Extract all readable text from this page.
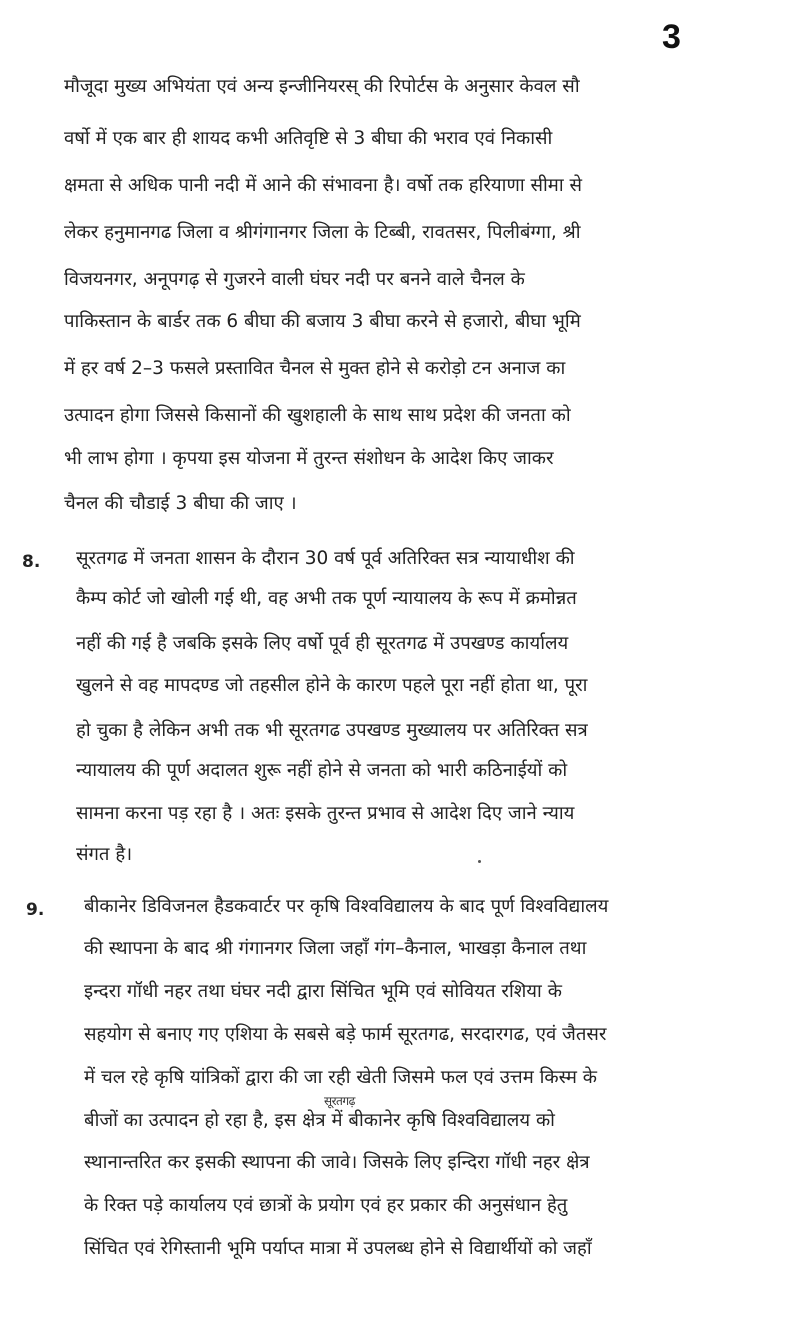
3
मौजूदा मुख्य अभियंता एवं अन्य इन्जीनियरस् की रिपोर्टस के अनुसार केवल सौ
वर्षो में एक बार ही शायद कभी अतिवृष्टि से 3 बीघा की भराव एवं निकासी
क्षमता से अधिक पानी नदी में आने की संभावना है। वर्षो तक हरियाणा सीमा से
लेकर हनुमानगढ जिला व श्रीगंगानगर जिला के टिब्बी, रावतसर, पिलीबंग्गा, श्री
विजयनगर, अनूपगढ़ से गुजरने वाली घंघर नदी पर बनने वाले चैनल के
पाकिस्तान के बार्डर तक 6 बीघा की बजाय 3 बीघा करने से हजारो, बीघा भूमि
में हर वर्ष 2–3 फसले प्रस्तावित चैनल से मुक्त होने से करोड़ो टन अनाज का
उत्पादन होगा जिससे किसानों की खुशहाली के साथ साथ प्रदेश की जनता को
भी लाभ होगा । कृपया इस योजना में तुरन्त संशोधन के आदेश किए जाकर
चैनल की चौडाई 3 बीघा की जाए ।
8. सूरतगढ में जनता शासन के दौरान 30 वर्ष पूर्व अतिरिक्त सत्र न्यायाधीश की
कैम्प कोर्ट जो खोली गई थी, वह अभी तक पूर्ण न्यायालय के रूप में क्रमोन्नत
नहीं की गई है जबकि इसके लिए वर्षो पूर्व ही सूरतगढ में उपखण्ड कार्यालय
खुलने से वह मापदण्ड जो तहसील होने के कारण पहले पूरा नहीं होता था, पूरा
हो चुका है लेकिन अभी तक भी सूरतगढ उपखण्ड मुख्यालय पर अतिरिक्त सत्र
न्यायालय की पूर्ण अदालत शुरू नहीं होने से जनता को भारी कठिनाईयों को
सामना करना पड़ रहा है । अतः इसके तुरन्त प्रभाव से आदेश दिए जाने न्याय
संगत है।
9. बीकानेर डिविजनल हैडकवार्टर पर कृषि विश्वविद्यालय के बाद पूर्ण विश्वविद्यालय
की स्थापना के बाद श्री गंगानगर जिला जहाँ गंग–कैनाल, भाखड़ा कैनाल तथा
इन्दरा गॉधी नहर तथा घंघर नदी द्वारा सिंचित भूमि एवं सोवियत रशिया के
सहयोग से बनाए गए एशिया के सबसे बड़े फार्म सूरतगढ, सरदारगढ, एवं जैतसर
में चल रहे कृषि यांत्रिकों द्वारा की जा रही खेती जिसमे फल एवं उत्तम किस्म के
बीजों का उत्पादन हो रहा है, इस क्षेत्र में बीकानेर कृषि विश्वविद्यालय को
स्थानान्तरित कर इसकी स्थापना की जावे। जिसके लिए इन्दिरा गॉधी नहर क्षेत्र
के रिक्त पड़े कार्यालय एवं छात्रों के प्रयोग एवं हर प्रकार की अनुसंधान हेतु
सिंचित एवं रेगिस्तानी भूमि पर्याप्त मात्रा में उपलब्ध होने से विद्यार्थीयों को जहाँ
सूरतगढ़
